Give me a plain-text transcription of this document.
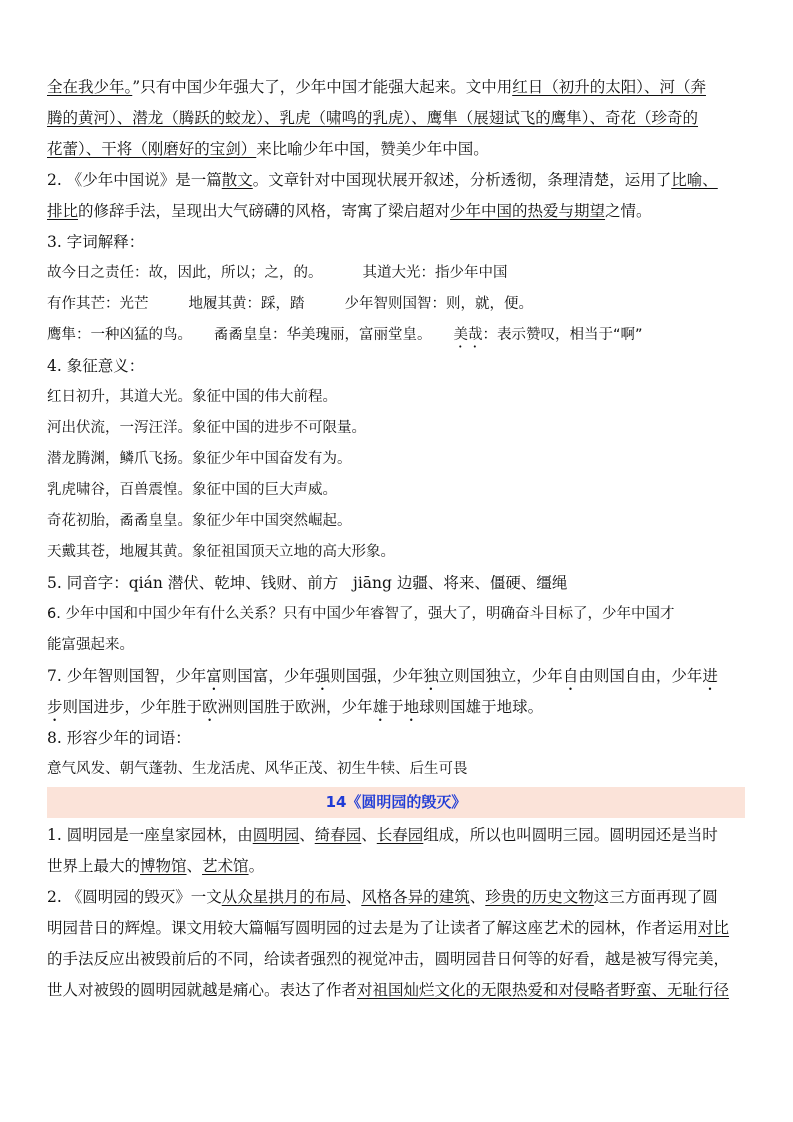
全在我少年。”只有中国少年强大了，少年中国才能强大起来。文中用红日（初升的太阳）、河（奔
腾的黄河）、潜龙（腾跃的蛟龙）、乳虎（啸鸣的乳虎）、鹰隼（展翅试飞的鹰隼）、奇花（珍奇的
花蕾）、干将（刚磨好的宝剑）来比喻少年中国，赞美少年中国。
2. 《少年中国说》是一篇散文。文章针对中国现状展开叙述，分析透彻，条理清楚，运用了比喻、
排比的修辞手法，呈现出大气磅礴的风格，寄寓了梁启超对少年中国的热爱与期望之情。
3. 字词解释：
故今日之责任：故，因此，所以；之，的。	其道大光：指少年中国
有作其芒：光芒	地履其黄：踩，踏	少年智则国智：则，就，便。
鹰隼：一种凶猛的鸟。 矞矞皇皇：华美瑰丽，富丽堂皇。 美哉：表示赞叹，相当于“啊”
4. 象征意义：
红日初升，其道大光。象征中国的伟大前程。
河出伏流，一泻汪洋。象征中国的进步不可限量。
潜龙腾渊，鳞爪飞扬。象征少年中国奋发有为。
乳虎啸谷，百兽震惶。象征中国的巨大声威。
奇花初胎，矞矞皇皇。象征少年中国突然崛起。
天戴其苍，地履其黄。象征祖国顶天立地的高大形象。
5. 同音字：qián 潜伏、乾坤、钱财、前方   jiāng 边疆、将来、僵硬、缰绳
6. 少年中国和中国少年有什么关系？只有中国少年睿智了，强大了，明确奋斗目标了，少年中国才
能富强起来。
7. 少年智则国智，少年富则国富，少年强则国强，少年独立则国独立，少年自由则国自由，少年进
步则国进步，少年胜于欧洲则国胜于欧洲，少年雄于地球则国雄于地球。
8. 形容少年的词语：
意气风发、朝气蓬勃、生龙活虎、风华正茂、初生牛犊、后生可畏
14《圆明园的毁灭》
1. 圆明园是一座皇家园林，由圆明园、绮春园、长春园组成，所以也叫圆明三园。圆明园还是当时
世界上最大的博物馆、艺术馆。
2. 《圆明园的毁灭》一文从众星拱月的布局、风格各异的建筑、珍贵的历史文物这三方面再现了圆
明园昔日的辉煌。课文用较大篇幅写圆明园的过去是为了让读者了解这座艺术的园林，作者运用对比
的手法反应出被毁前后的不同，给读者强烈的视觉冲击，圆明园昔日何等的好看，越是被写得完美，
世人对被毁的圆明园就越是痛心。表达了作者对祖国灿烂文化的无限热爱和对侵略者野蛮、无耻行径
